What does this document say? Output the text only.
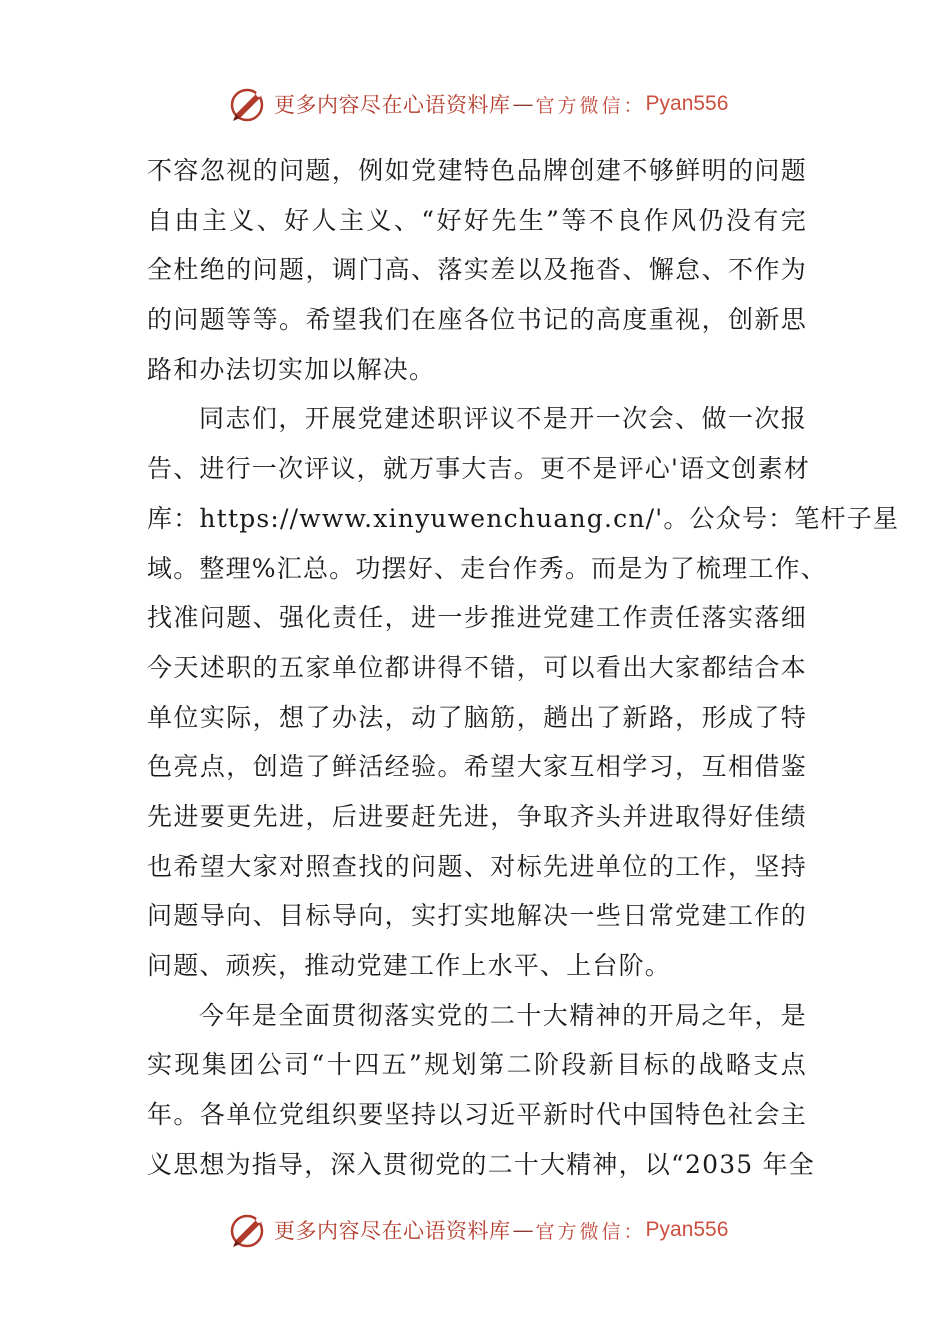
更多内容尽在心语资料库 — 官方微信： Pyan556
不容忽视的问题，例如党建特色品牌创建不够鲜明的问题
自由主义、好人主义、“好好先生”等不良作风仍没有完
全杜绝的问题，调门高、落实差以及拖沓、懈怠、不作为
的问题等等。希望我们在座各位书记的高度重视，创新思
路和办法切实加以解决。
同志们，开展党建述职评议不是开一次会、做一次报
告、进行一次评议，就万事大吉。更不是评心'语文创素材
库：https://www.xinyuwenchuang.cn/'。公众号：笔杆子星
域。整理%汇总。功摆好、走台作秀。而是为了梳理工作、
找准问题、强化责任，进一步推进党建工作责任落实落细
今天述职的五家单位都讲得不错，可以看出大家都结合本
单位实际，想了办法，动了脑筋，趟出了新路，形成了特
色亮点，创造了鲜活经验。希望大家互相学习，互相借鉴
先进要更先进，后进要赶先进，争取齐头并进取得好佳绩
也希望大家对照查找的问题、对标先进单位的工作，坚持
问题导向、目标导向，实打实地解决一些日常党建工作的
问题、顽疾，推动党建工作上水平、上台阶。
今年是全面贯彻落实党的二十大精神的开局之年，是
实现集团公司“十四五”规划第二阶段新目标的战略支点
年。各单位党组织要坚持以习近平新时代中国特色社会主
义思想为指导，深入贯彻党的二十大精神，以“2035 年全
更多内容尽在心语资料库 — 官方微信： Pyan556
